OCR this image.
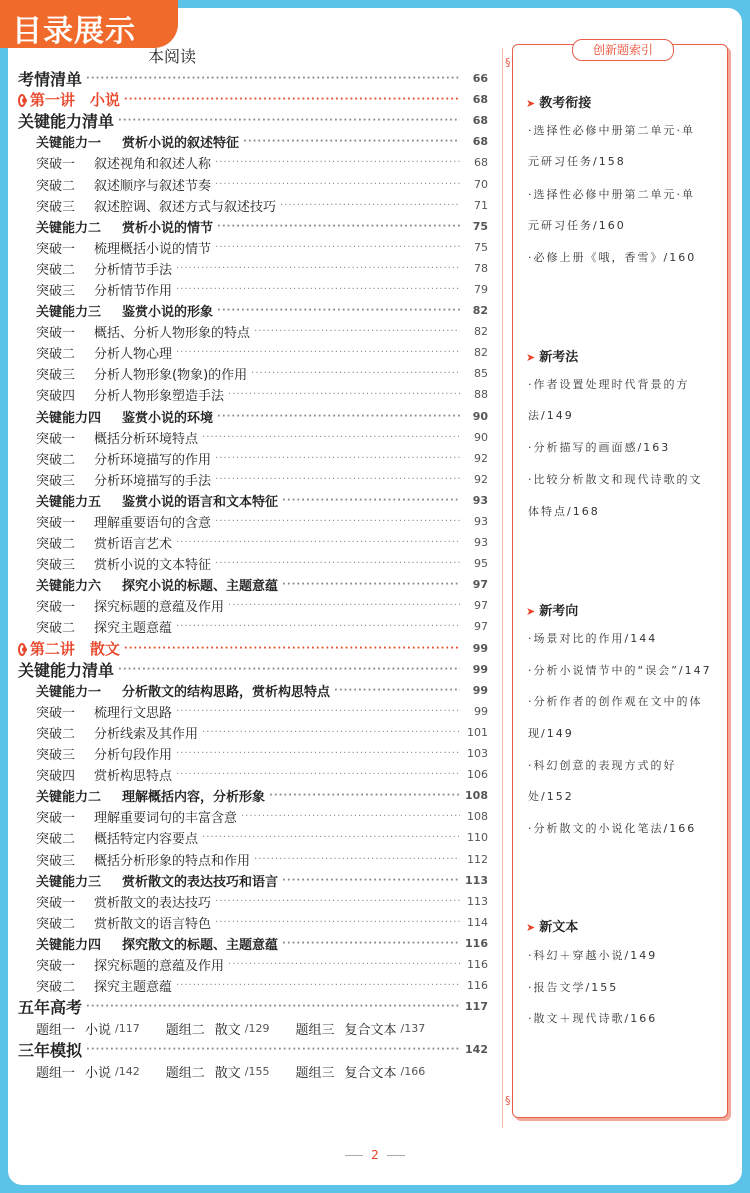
目录展示
本阅读
考情清单 ·····	66
第一讲　小说 ·····	68
关键能力清单 ·····	68
关键能力一 赏析小说的叙述特征 ·····	68
突破一 叙述视角和叙述人称 ·····	68
突破二 叙述顺序与叙述节奏 ·····	70
突破三 叙述腔调、叙述方式与叙述技巧 ·····	71
关键能力二 赏析小说的情节 ·····	75
突破一 梳理概括小说的情节 ·····	75
突破二 分析情节手法 ·····	78
突破三 分析情节作用 ·····	79
关键能力三 鉴赏小说的形象 ·····	82
突破一 概括、分析人物形象的特点 ·····	82
突破二 分析人物心理 ·····	82
突破三 分析人物形象(物象)的作用 ·····	85
突破四 分析人物形象塑造手法 ·····	88
关键能力四 鉴赏小说的环境 ·····	90
突破一 概括分析环境特点 ·····	90
突破二 分析环境描写的作用 ·····	92
突破三 分析环境描写的手法 ·····	92
关键能力五 鉴赏小说的语言和文本特征 ·····	93
突破一 理解重要语句的含意 ·····	93
突破二 赏析语言艺术 ·····	93
突破三 赏析小说的文本特征 ·····	95
关键能力六 探究小说的标题、主题意蕴 ·····	97
突破一 探究标题的意蕴及作用 ·····	97
突破二 探究主题意蕴 ·····	97
第二讲　散文 ·····	99
关键能力清单 ·····	99
关键能力一 分析散文的结构思路，赏析构思特点 ·····	99
突破一 梳理行文思路 ·····	99
突破二 分析线索及其作用 ·····	101
突破三 分析句段作用 ·····	103
突破四 赏析构思特点 ·····	106
关键能力二 理解概括内容，分析形象 ·····	108
突破一 理解重要词句的丰富含意 ·····	108
突破二 概括特定内容要点 ·····	110
突破三 概括分析形象的特点和作用 ·····	112
关键能力三 赏析散文的表达技巧和语言 ·····	113
突破一 赏析散文的表达技巧 ·····	113
突破二 赏析散文的语言特色 ·····	114
关键能力四 探究散文的标题、主题意蕴 ·····	116
突破一 探究标题的意蕴及作用 ·····	116
突破二 探究主题意蕴 ·····	116
五年高考 ·····	117
题组一 小说 /117 题组二 散文 /129 题组三 复合文本 /137
三年模拟 ·····	142
题组一 小说 /142 题组二 散文 /155 题组三 复合文本 /166
创新题索引
§
§
➤ 教考衔接
·选择性必修中册第二单元·单
元研习任务/158
·选择性必修中册第二单元·单
元研习任务/160
·必修上册《哦，香雪》/160
➤ 新考法
·作者设置处理时代背景的方
法/149
·分析描写的画面感/163
·比较分析散文和现代诗歌的文
体特点/168
➤ 新考向
·场景对比的作用/144
·分析小说情节中的“误会”/147
·分析作者的创作观在文中的体
现/149
·科幻创意的表现方式的好
处/152
·分析散文的小说化笔法/166
➤ 新文本
·科幻＋穿越小说/149
·报告文学/155
·散文＋现代诗歌/166
2
